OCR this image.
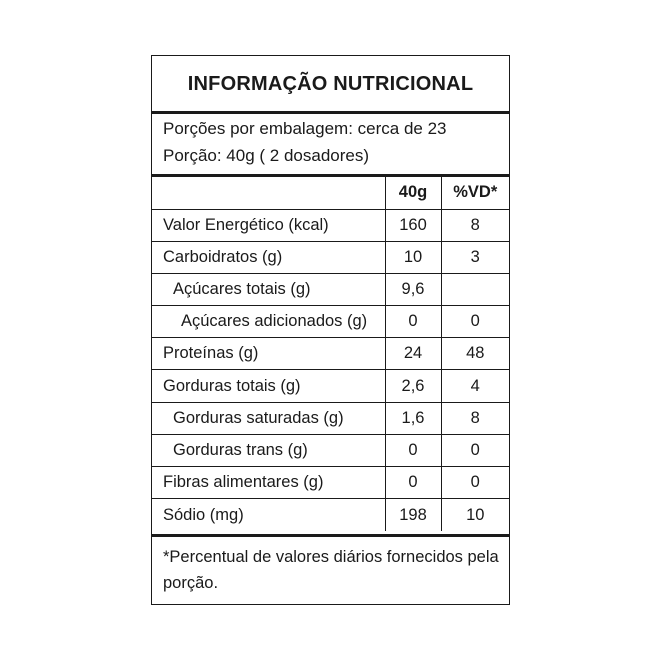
INFORMAÇÃO NUTRICIONAL
Porções por embalagem: cerca de 23
Porção: 40g ( 2 dosadores)
	40g	%VD*
Valor Energético (kcal)	160	8
Carboidratos (g)	10	3
Açúcares totais (g)	9,6	
Açúcares adicionados (g)	0	0
Proteínas (g)	24	48
Gorduras totais (g)	2,6	4
Gorduras saturadas (g)	1,6	8
Gorduras trans (g)	0	0
Fibras alimentares (g)	0	0
Sódio (mg)	198	10
*Percentual de valores diários fornecidos pela porção.
